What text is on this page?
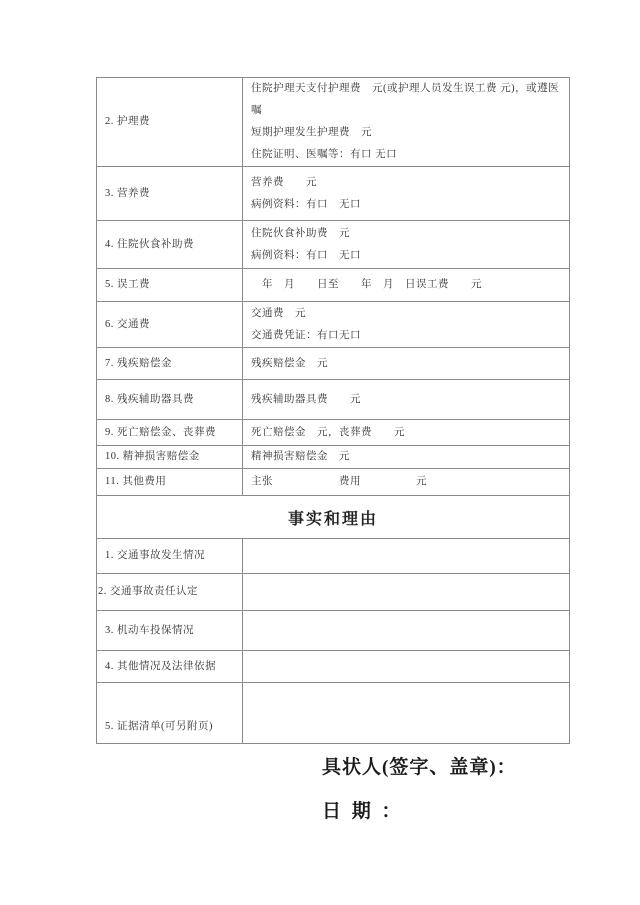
2. 护理费	住院护理天支付护理费　元(或护理人员发生误工费 元)，或遵医嘱
短期护理发生护理费　元
住院证明、医嘱等：有口 无口

3. 营养费	营养费　　元
病例资料：有口　无口

4. 住院伙食补助费	住院伙食补助费　元
病例资料：有口　无口

5. 误工费	　年　月　　日至　　年　月　日误工费　　元

6. 交通费	交通费　元
交通费凭证：有口无口

7. 残疾赔偿金	残疾赔偿金　元

8. 残疾辅助器具费	残疾辅助器具费　　元

9. 死亡赔偿金、丧葬费	死亡赔偿金　元，丧葬费　　元

10. 精神损害赔偿金	精神损害赔偿金　元

11. 其他费用	主张　　　　　　费用　　　　　元

事实和理由	
1. 交通事故发生情况	
2. 交通事故责任认定	
3. 机动车投保情况	
4. 其他情况及法律依据	
5. 证据清单(可另附页)	
具状人(签字、盖章)：
日 期 ：
